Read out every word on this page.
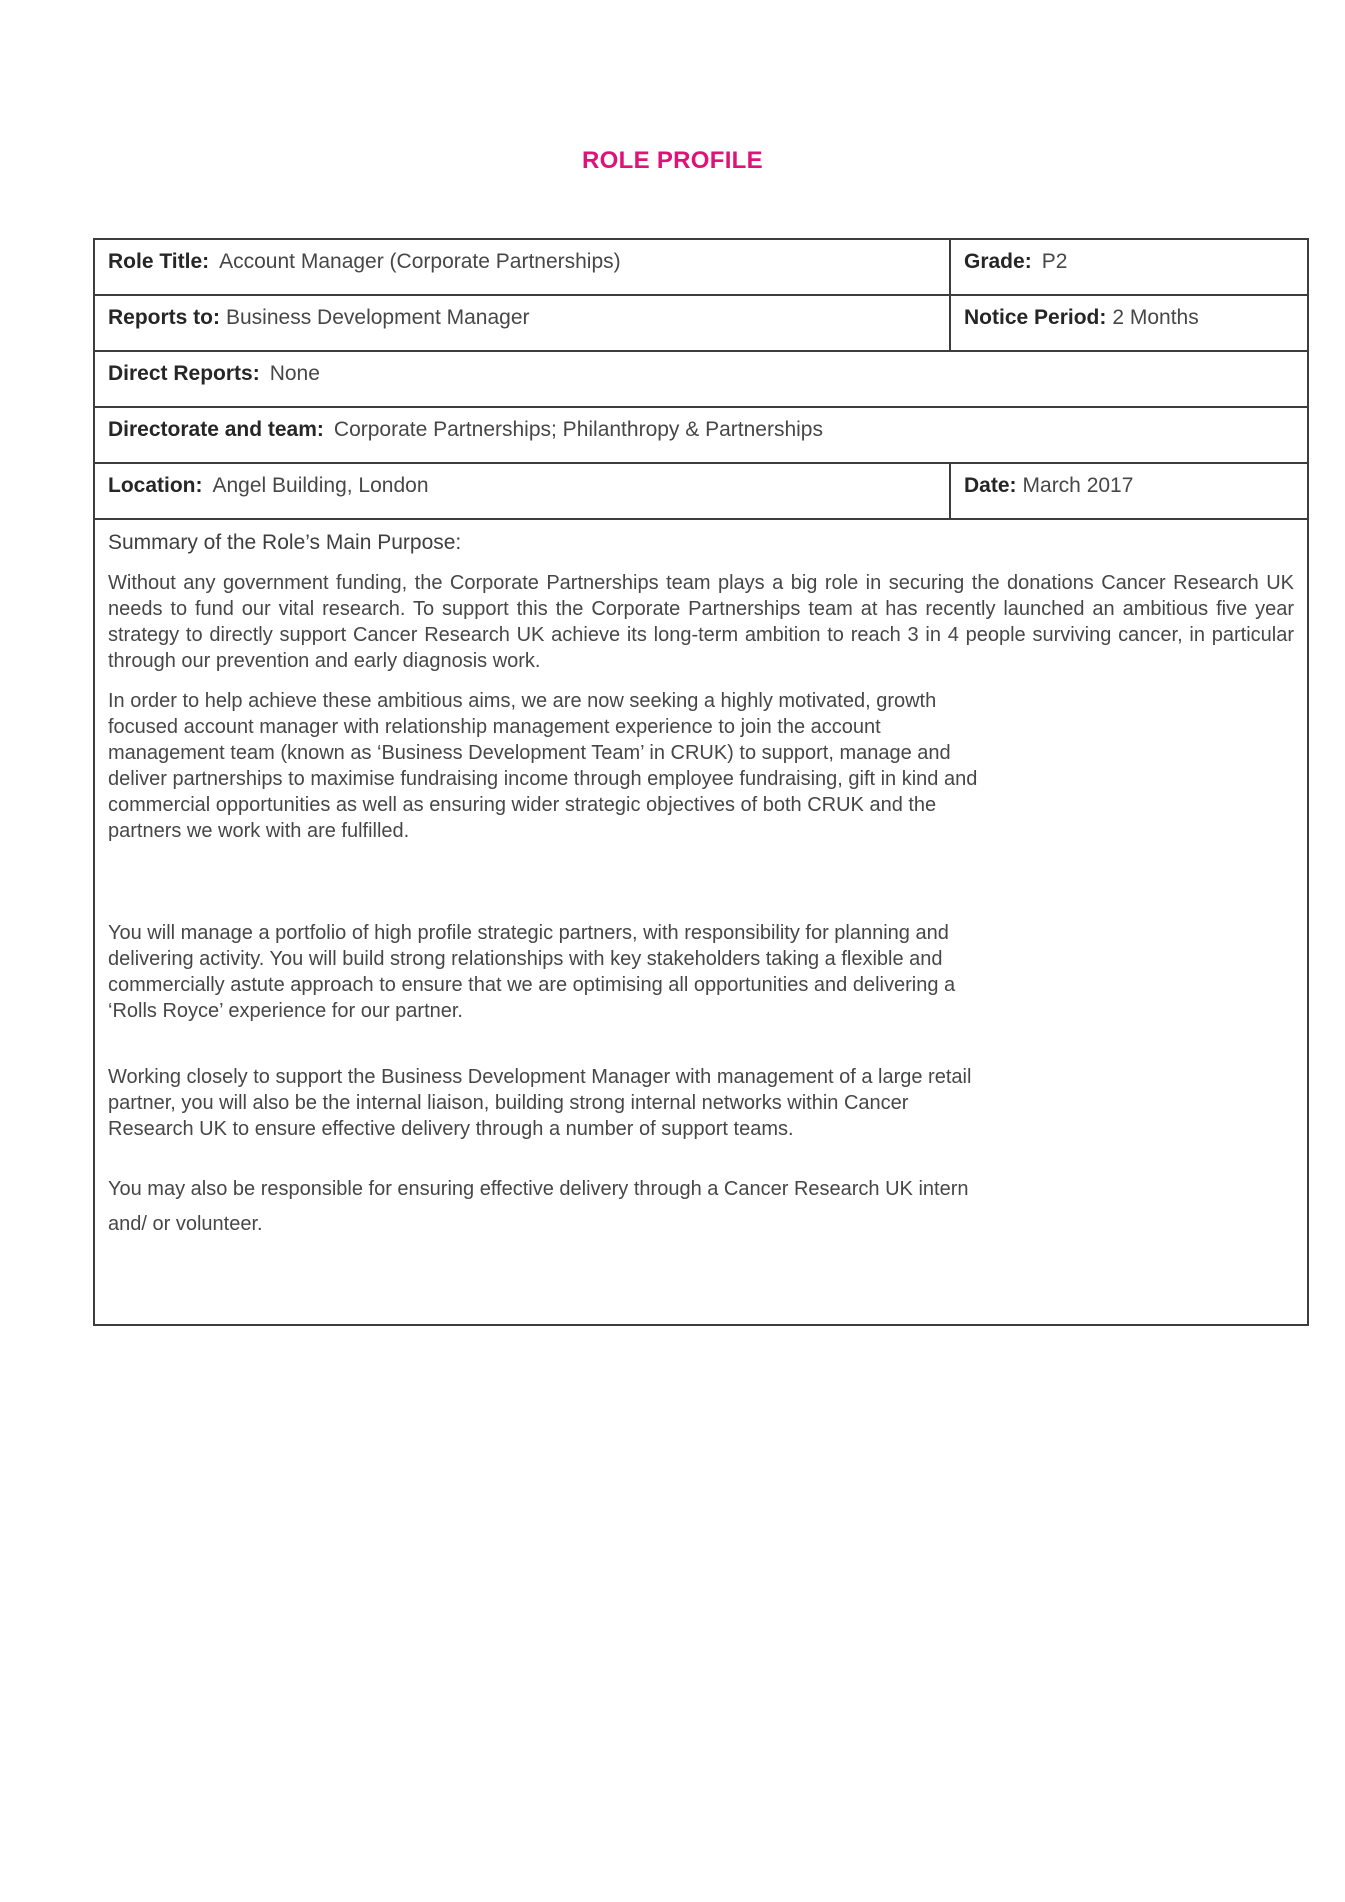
ROLE PROFILE
Role Title: Account Manager (Corporate Partnerships)	Grade: P2
Reports to: Business Development Manager	Notice Period: 2 Months
Direct Reports: None	
Directorate and team: Corporate Partnerships; Philanthropy & Partnerships	
Location: Angel Building, London	Date: March 2017

Summary of the Role’s Main Purpose:

Without any government funding, the Corporate Partnerships team plays a big role in securing the donations Cancer Research UK needs to fund our vital research. To support this the Corporate Partnerships team at has recently launched an ambitious five year strategy to directly support Cancer Research UK achieve its long-term ambition to reach 3 in 4 people surviving cancer, in particular through our prevention and early diagnosis work.

In order to help achieve these ambitious aims, we are now seeking a highly motivated, growth focused account manager with relationship management experience to join the account management team (known as ‘Business Development Team’ in CRUK) to support, manage and deliver partnerships to maximise fundraising income through employee fundraising, gift in kind and commercial opportunities as well as ensuring wider strategic objectives of both CRUK and the partners we work with are fulfilled.

You will manage a portfolio of high profile strategic partners, with responsibility for planning and delivering activity. You will build strong relationships with key stakeholders taking a flexible and commercially astute approach to ensure that we are optimising all opportunities and delivering a ‘Rolls Royce’ experience for our partner.

Working closely to support the Business Development Manager with management of a large retail partner, you will also be the internal liaison, building strong internal networks within Cancer Research UK to ensure effective delivery through a number of support teams.

You may also be responsible for ensuring effective delivery through a Cancer Research UK intern and/ or volunteer.
